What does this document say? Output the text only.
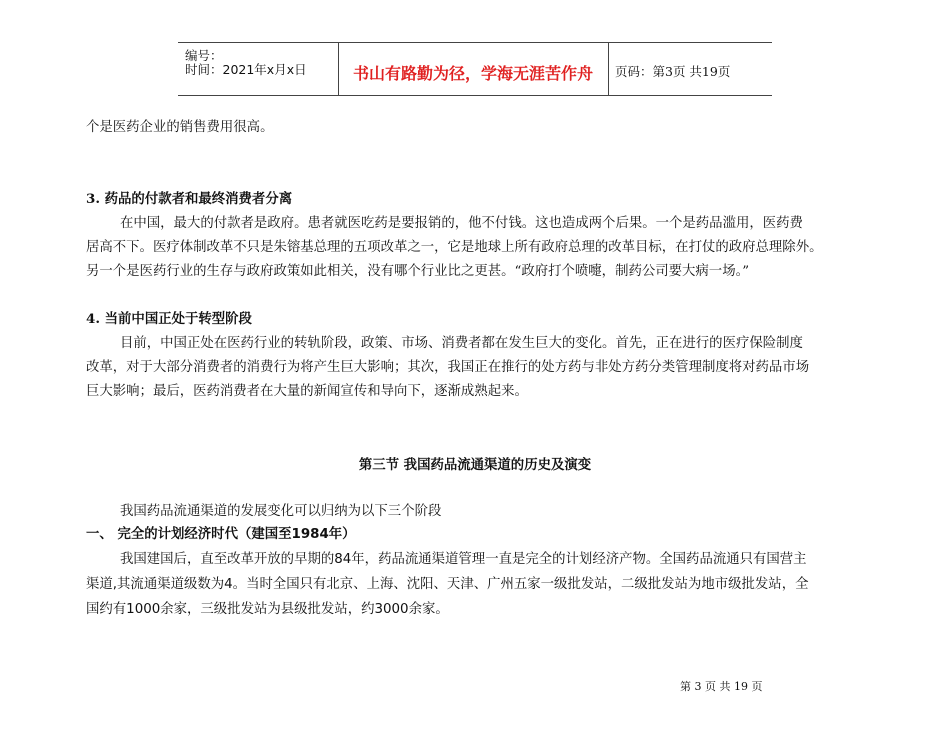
编号：
时间：2021年x月x日	书山有路勤为径，学海无涯苦作舟	页码：第3页 共19页
个是医药企业的销售费用很高。
3. 药品的付款者和最终消费者分离
在中国，最大的付款者是政府。患者就医吃药是要报销的，他不付钱。这也造成两个后果。一个是药品滥用，医药费
居高不下。医疗体制改革不只是朱镕基总理的五项改革之一，它是地球上所有政府总理的改革目标，在打仗的政府总理除外。
另一个是医药行业的生存与政府政策如此相关，没有哪个行业比之更甚。“政府打个喷嚏，制药公司要大病一场。”
4. 当前中国正处于转型阶段
目前，中国正处在医药行业的转轨阶段，政策、市场、消费者都在发生巨大的变化。首先，正在进行的医疗保险制度
改革，对于大部分消费者的消费行为将产生巨大影响；其次，我国正在推行的处方药与非处方药分类管理制度将对药品市场
巨大影响；最后，医药消费者在大量的新闻宣传和导向下，逐渐成熟起来。
第三节 我国药品流通渠道的历史及演变
我国药品流通渠道的发展变化可以归纳为以下三个阶段
一、 完全的计划经济时代（建国至1984年）
我国建国后，直至改革开放的早期的84年，药品流通渠道管理一直是完全的计划经济产物。全国药品流通只有国营主
渠道,其流通渠道级数为4。当时全国只有北京、上海、沈阳、天津、广州五家一级批发站，二级批发站为地市级批发站，全
国约有1000余家，三级批发站为县级批发站，约3000余家。
第 3 页 共 19 页
